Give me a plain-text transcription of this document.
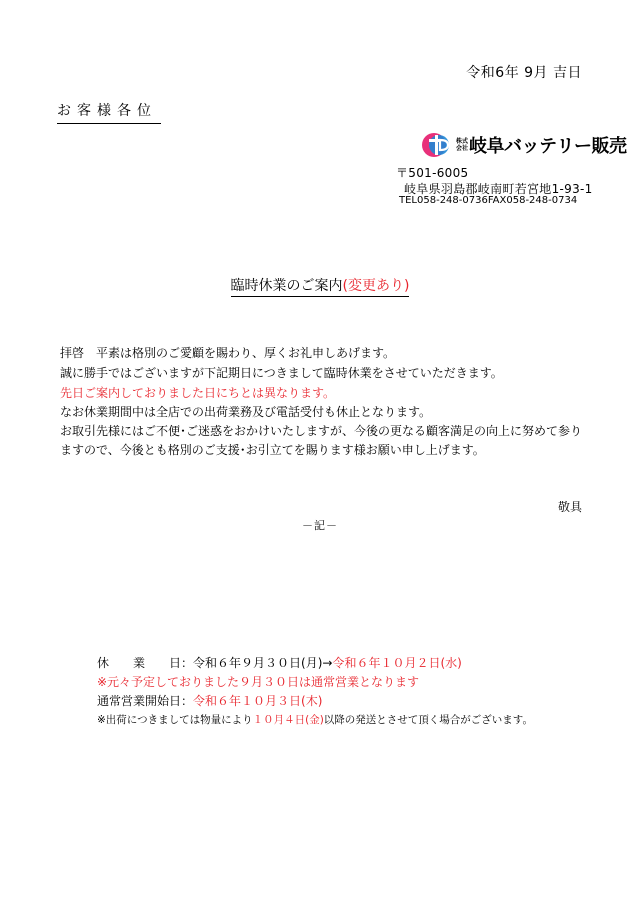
令和6年 9月 吉日
お客様各位
株式
会社 岐阜バッテリー販売
〒501-6005
岐阜県羽島郡岐南町若宮地1-93-1
TEL058-248-0736FAX058-248-0734
臨時休業のご案内(変更あり)
拝啓　平素は格別のご愛顧を賜わり、厚くお礼申しあげます。
誠に勝手ではございますが下記期日につきまして臨時休業をさせていただきます。
先日ご案内しておりました日にちとは異なります。
なお休業期間中は全店での出荷業務及び電話受付も休止となります。
お取引先様にはご不便･ご迷惑をおかけいたしますが、今後の更なる顧客満足の向上に努めて参り
ますので、今後とも格別のご支援･お引立てを賜ります様お願い申し上げます。
敬具
－記－
休　　業　　日：令和６年９月３０日(月)→令和６年１０月２日(水)
※元々予定しておりました９月３０日は通常営業となります
通常営業開始日：令和６年１０月３日(木)
※出荷につきましては物量により１０月４日(金)以降の発送とさせて頂く場合がございます。
